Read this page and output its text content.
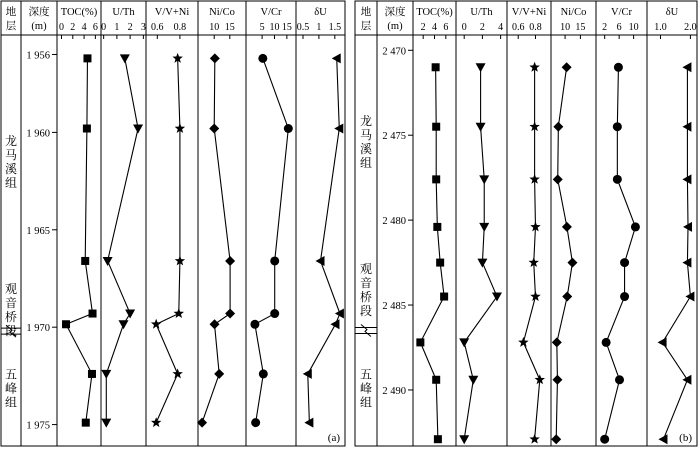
地
层
深度
(m)
龙
马
溪
组
观
音
桥
段
五
峰
组
1 956
1 960
1 965
1 970
1 975
TOC(%)
0 2 4 6
U/Th
0 1 2 3
V/V+Ni
0.6 0.8
Ni/Co
10 15
V/Cr
5 10 15
δU
0.5 1 1.5
(a)
地
层
深度
(m)
龙
马
溪
组
观
音
桥
段
五
峰
组
2 470
2 475
2 480
2 485
2 490
TOC(%)
2 4 6
U/Th
0 2 4
V/V+Ni
0.6 0.8
Ni/Co
10 15
V/Cr
2 6 10
δU
1.0 2.0
(b)
